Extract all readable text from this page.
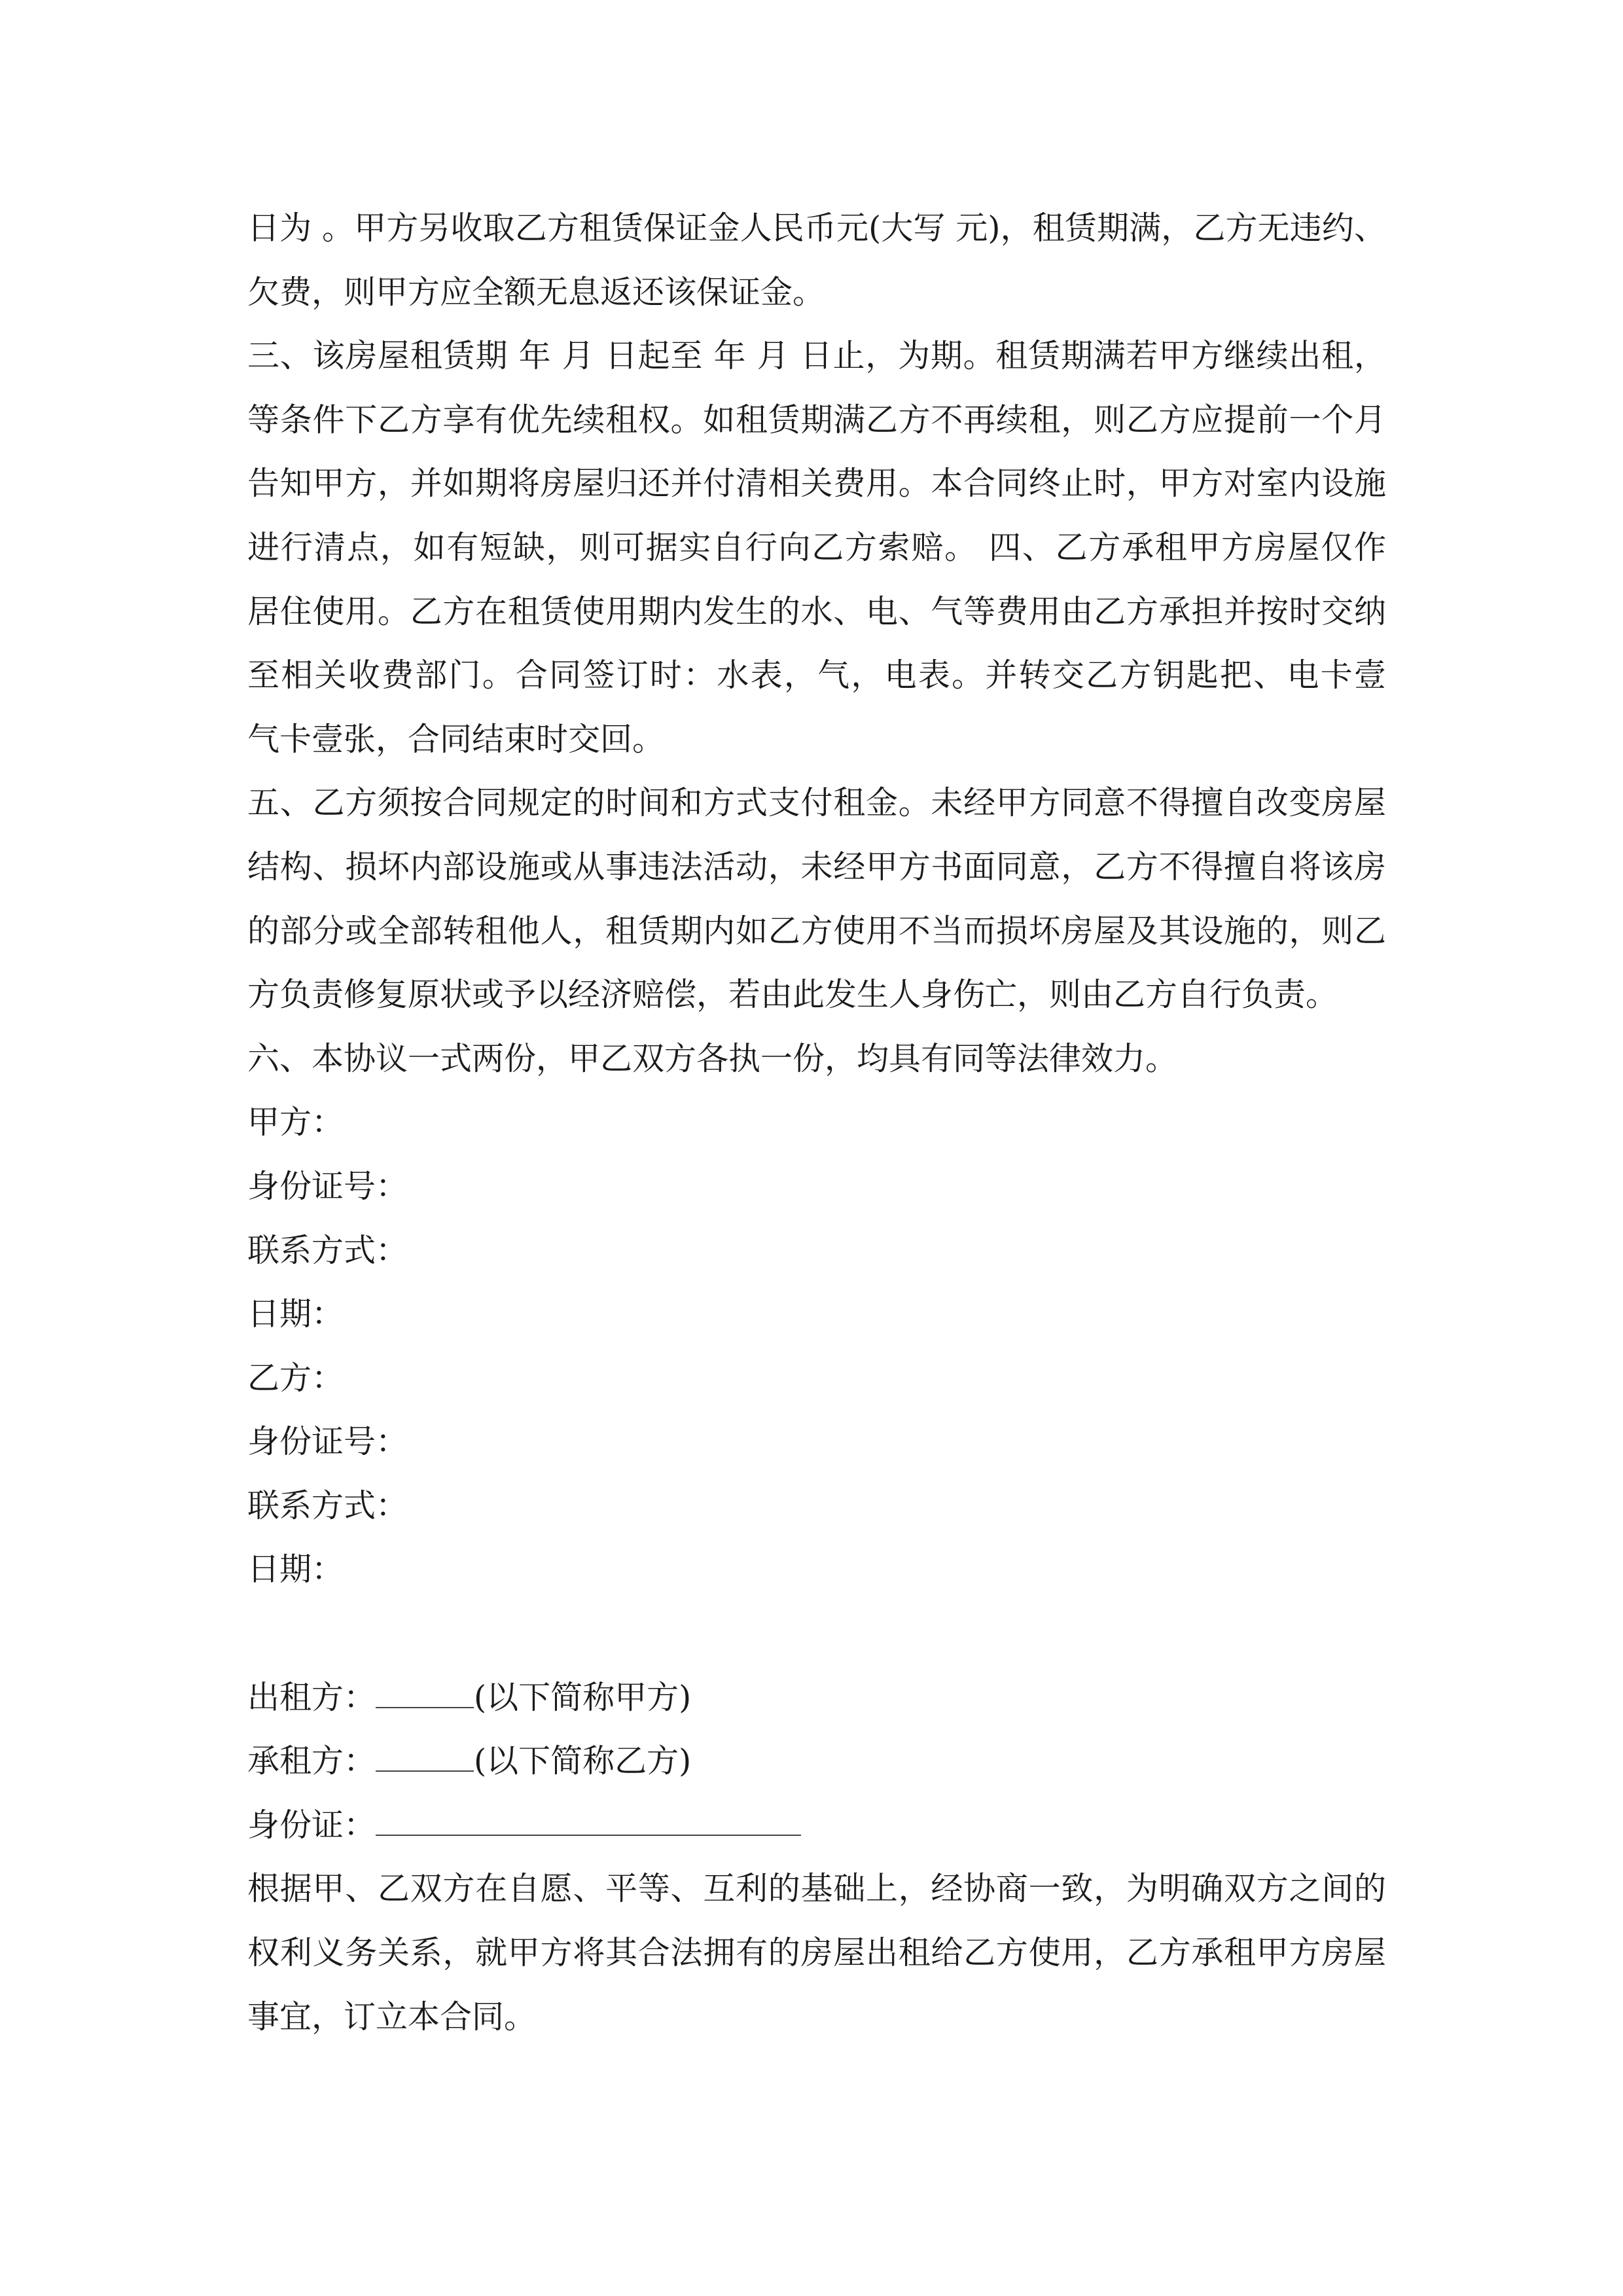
日为 。甲方另收取乙方租赁保证金人民币元(大写 元)，租赁期满，乙方无违约、
欠费，则甲方应全额无息返还该保证金。
三、该房屋租赁期 年 月 日起至 年 月 日止，为期。租赁期满若甲方继续出租，
等条件下乙方享有优先续租权。如租赁期满乙方不再续租，则乙方应提前一个月
告知甲方，并如期将房屋归还并付清相关费用。本合同终止时，甲方对室内设施
进行清点，如有短缺，则可据实自行向乙方索赔。 四、乙方承租甲方房屋仅作
居住使用。乙方在租赁使用期内发生的水、电、气等费用由乙方承担并按时交纳
至相关收费部门。合同签订时：水表，气，电表。并转交乙方钥匙把、电卡壹
气卡壹张，合同结束时交回。
五、乙方须按合同规定的时间和方式支付租金。未经甲方同意不得擅自改变房屋
结构、损坏内部设施或从事违法活动，未经甲方书面同意，乙方不得擅自将该房
的部分或全部转租他人，租赁期内如乙方使用不当而损坏房屋及其设施的，则乙
方负责修复原状或予以经济赔偿，若由此发生人身伤亡，则由乙方自行负责。
六、本协议一式两份，甲乙双方各执一份，均具有同等法律效力。
甲方：
身份证号：
联系方式：
日期：
乙方：
身份证号：
联系方式：
日期：
出租方：	(以下简称甲方)
承租方：	(以下简称乙方)
身份证：
根据甲、乙双方在自愿、平等、互利的基础上，经协商一致，为明确双方之间的
权利义务关系，就甲方将其合法拥有的房屋出租给乙方使用，乙方承租甲方房屋
事宜，订立本合同。
